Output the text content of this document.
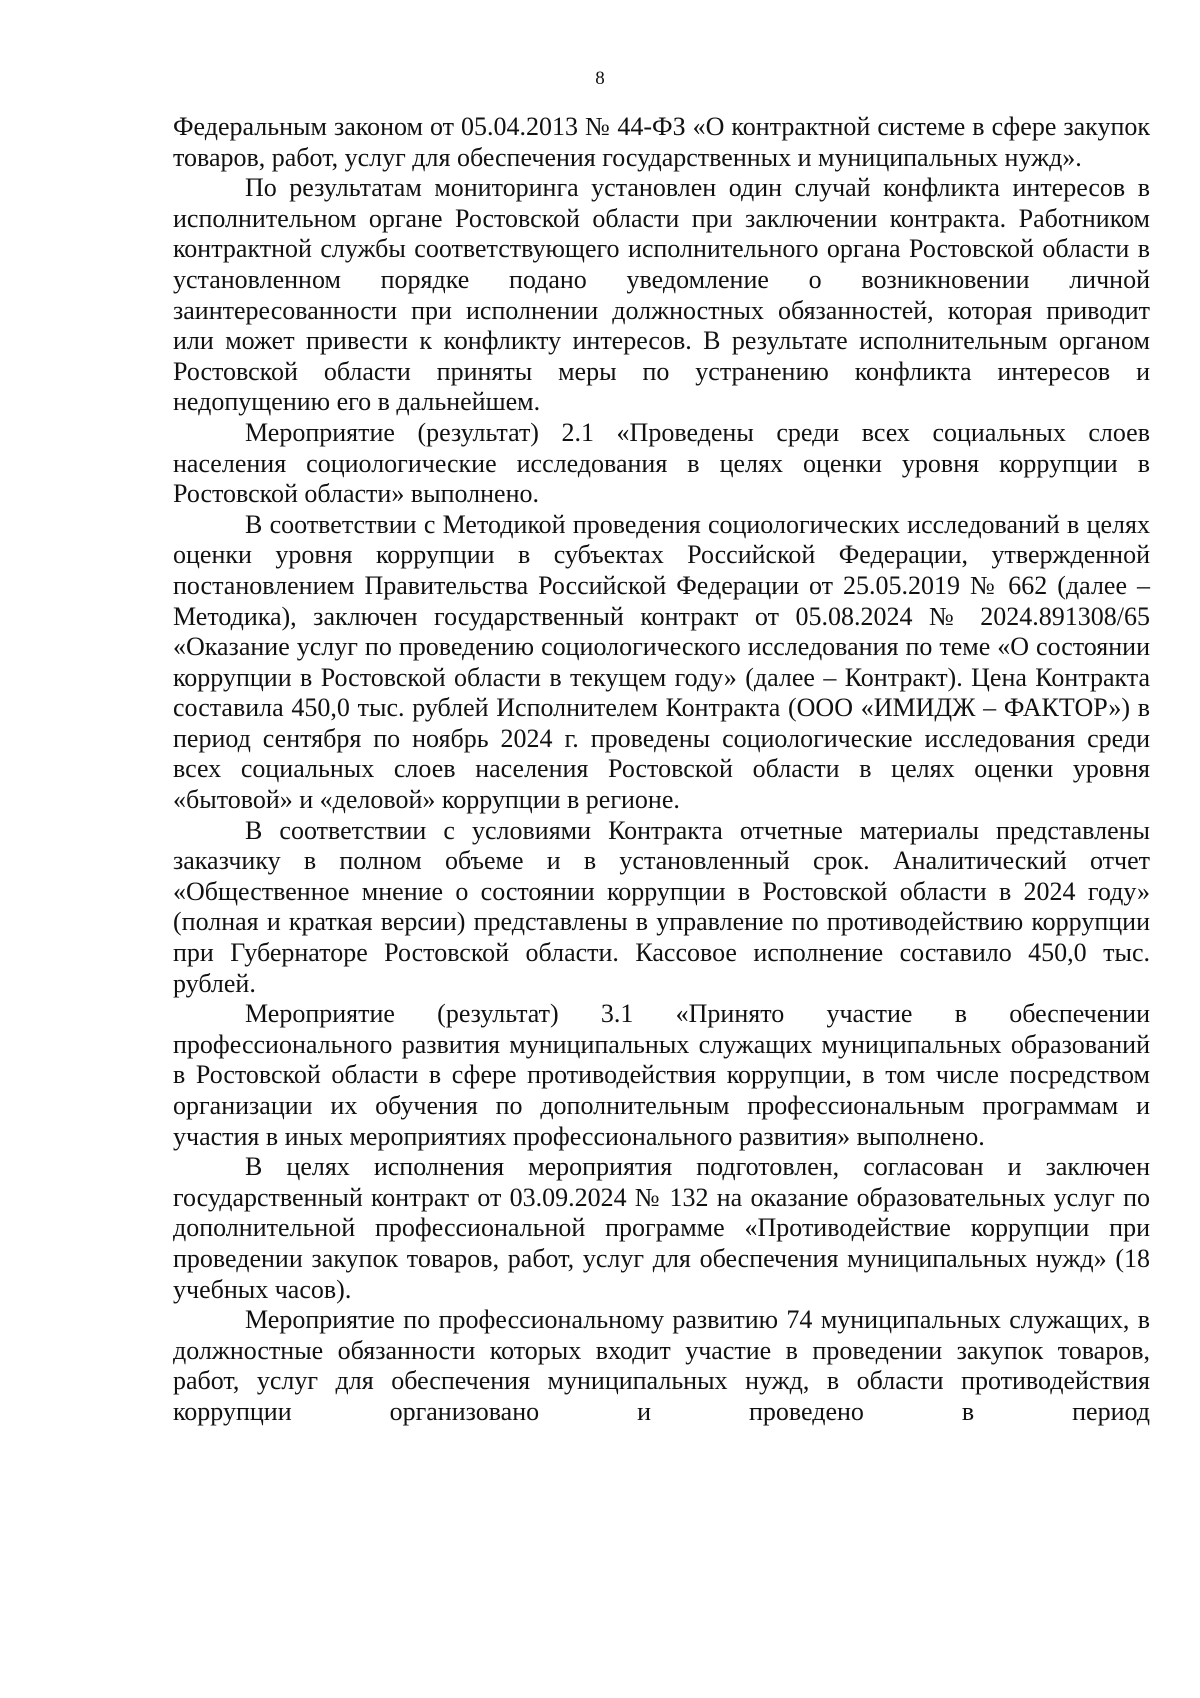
8

Федеральным законом от 05.04.2013 № 44-ФЗ «О контрактной системе в сфере закупок товаров, работ, услуг для обеспечения государственных и муниципальных нужд».

По результатам мониторинга установлен один случай конфликта интересов в исполнительном органе Ростовской области при заключении контракта. Работником контрактной службы соответствующего исполнительного органа Ростовской области в установленном порядке подано уведомление о возникновении личной заинтересованности при исполнении должностных обязанностей, которая приводит или может привести к конфликту интересов. В результате исполнительным органом Ростовской области приняты меры по устранению конфликта интересов и недопущению его в дальнейшем.

Мероприятие (результат) 2.1 «Проведены среди всех социальных слоев населения социологические исследования в целях оценки уровня коррупции в Ростовской области» выполнено.

В соответствии с Методикой проведения социологических исследований в целях оценки уровня коррупции в субъектах Российской Федерации, утвержденной постановлением Правительства Российской Федерации от 25.05.2019 № 662 (далее – Методика), заключен государственный контракт от 05.08.2024 № 2024.891308/65 «Оказание услуг по проведению социологического исследования по теме «О состоянии коррупции в Ростовской области в текущем году» (далее – Контракт). Цена Контракта составила 450,0 тыс. рублей Исполнителем Контракта (ООО «ИМИДЖ – ФАКТОР») в период сентября по ноябрь 2024 г. проведены социологические исследования среди всех социальных слоев населения Ростовской области в целях оценки уровня «бытовой» и «деловой» коррупции в регионе.

В соответствии с условиями Контракта отчетные материалы представлены заказчику в полном объеме и в установленный срок. Аналитический отчет «Общественное мнение о состоянии коррупции в Ростовской области в 2024 году» (полная и краткая версии) представлены в управление по противодействию коррупции при Губернаторе Ростовской области. Кассовое исполнение составило 450,0 тыс. рублей.

Мероприятие (результат) 3.1 «Принято участие в обеспечении профессионального развития муниципальных служащих муниципальных образований в Ростовской области в сфере противодействия коррупции, в том числе посредством организации их обучения по дополнительным профессиональным программам и участия в иных мероприятиях профессионального развития» выполнено.

В целях исполнения мероприятия подготовлен, согласован и заключен государственный контракт от 03.09.2024 № 132 на оказание образовательных услуг по дополнительной профессиональной программе «Противодействие коррупции при проведении закупок товаров, работ, услуг для обеспечения муниципальных нужд» (18 учебных часов).

Мероприятие по профессиональному развитию 74 муниципальных служащих, в должностные обязанности которых входит участие в проведении закупок товаров, работ, услуг для обеспечения муниципальных нужд, в области противодействия коррупции организовано и проведено в период
